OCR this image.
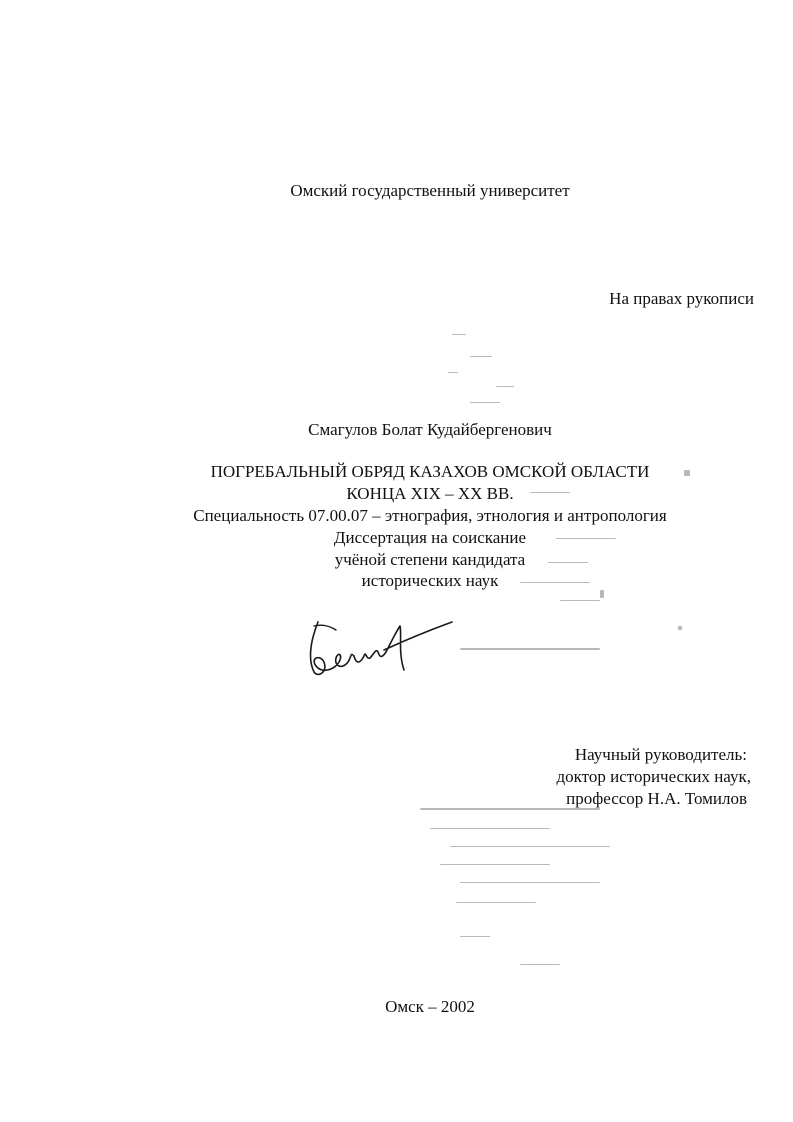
Омский государственный университет
На правах рукописи
Смагулов Болат Кудайбергенович
ПОГРЕБАЛЬНЫЙ ОБРЯД КАЗАХОВ ОМСКОЙ ОБЛАСТИ
КОНЦА XIX – XX ВВ.
Специальность 07.00.07 – этнография, этнология и антропология
Диссертация на соискание
учёной степени кандидата
исторических наук
Научный руководитель:
доктор исторических наук,
профессор Н.А. Томилов
Омск – 2002
